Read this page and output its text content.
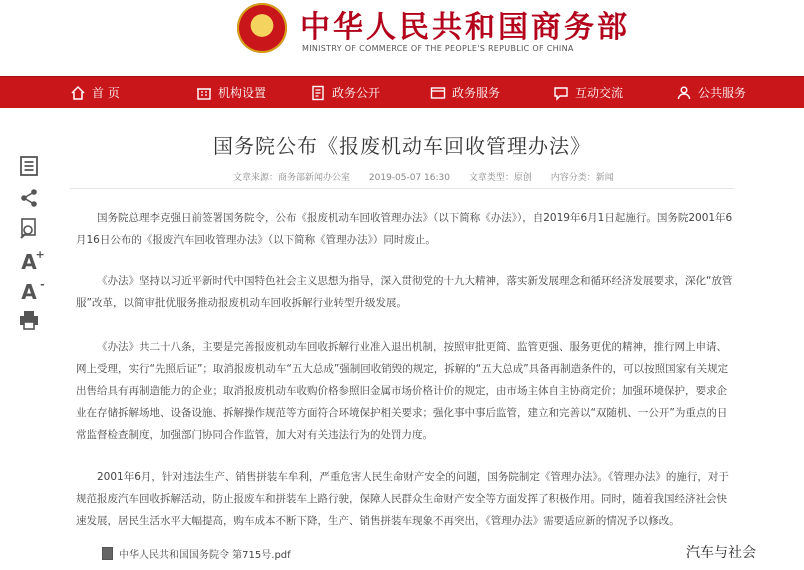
★
中华人民共和国商务部
MINISTRY OF COMMERCE OF THE PEOPLE'S REPUBLIC OF CHINA
首 页	机构设置	政务公开	政务服务	互动交流	公共服务
A
+
A -
国务院公布《报废机动车回收管理办法》
文章来源：商务部新闻办公室 2019-05-07 16:30 文章类型：原创 内容分类：新闻
国务院总理李克强日前签署国务院令，公布《报废机动车回收管理办法》（以下简称《办法》），自2019年6月1日起施行。国务院2001年6月16日公布的《报废汽车回收管理办法》（以下简称《管理办法》）同时废止。
《办法》坚持以习近平新时代中国特色社会主义思想为指导，深入贯彻党的十九大精神，落实新发展理念和循环经济发展要求，深化“放管服”改革，以简审批优服务推动报废机动车回收拆解行业转型升级发展。
《办法》共二十八条，主要是完善报废机动车回收拆解行业准入退出机制，按照审批更简、监管更强、服务更优的精神，推行网上申请、网上受理，实行“先照后证”；取消报废机动车“五大总成”强制回收销毁的规定，拆解的“五大总成”具备再制造条件的，可以按照国家有关规定出售给具有再制造能力的企业；取消报废机动车收购价格参照旧金属市场价格计价的规定，由市场主体自主协商定价；加强环境保护，要求企业在存储拆解场地、设备设施、拆解操作规范等方面符合环境保护相关要求；强化事中事后监管，建立和完善以“双随机、一公开”为重点的日常监督检查制度，加强部门协同合作监管，加大对有关违法行为的处罚力度。
2001年6月，针对违法生产、销售拼装车牟利，严重危害人民生命财产安全的问题，国务院制定《管理办法》。《管理办法》的施行，对于规范报废汽车回收拆解活动，防止报废车和拼装车上路行驶，保障人民群众生命财产安全等方面发挥了积极作用。同时，随着我国经济社会快速发展，居民生活水平大幅提高，购车成本不断下降，生产、销售拼装车现象不再突出，《管理办法》需要适应新的情况予以修改。
中华人民共和国国务院令 第715号.pdf	汽车与社会
